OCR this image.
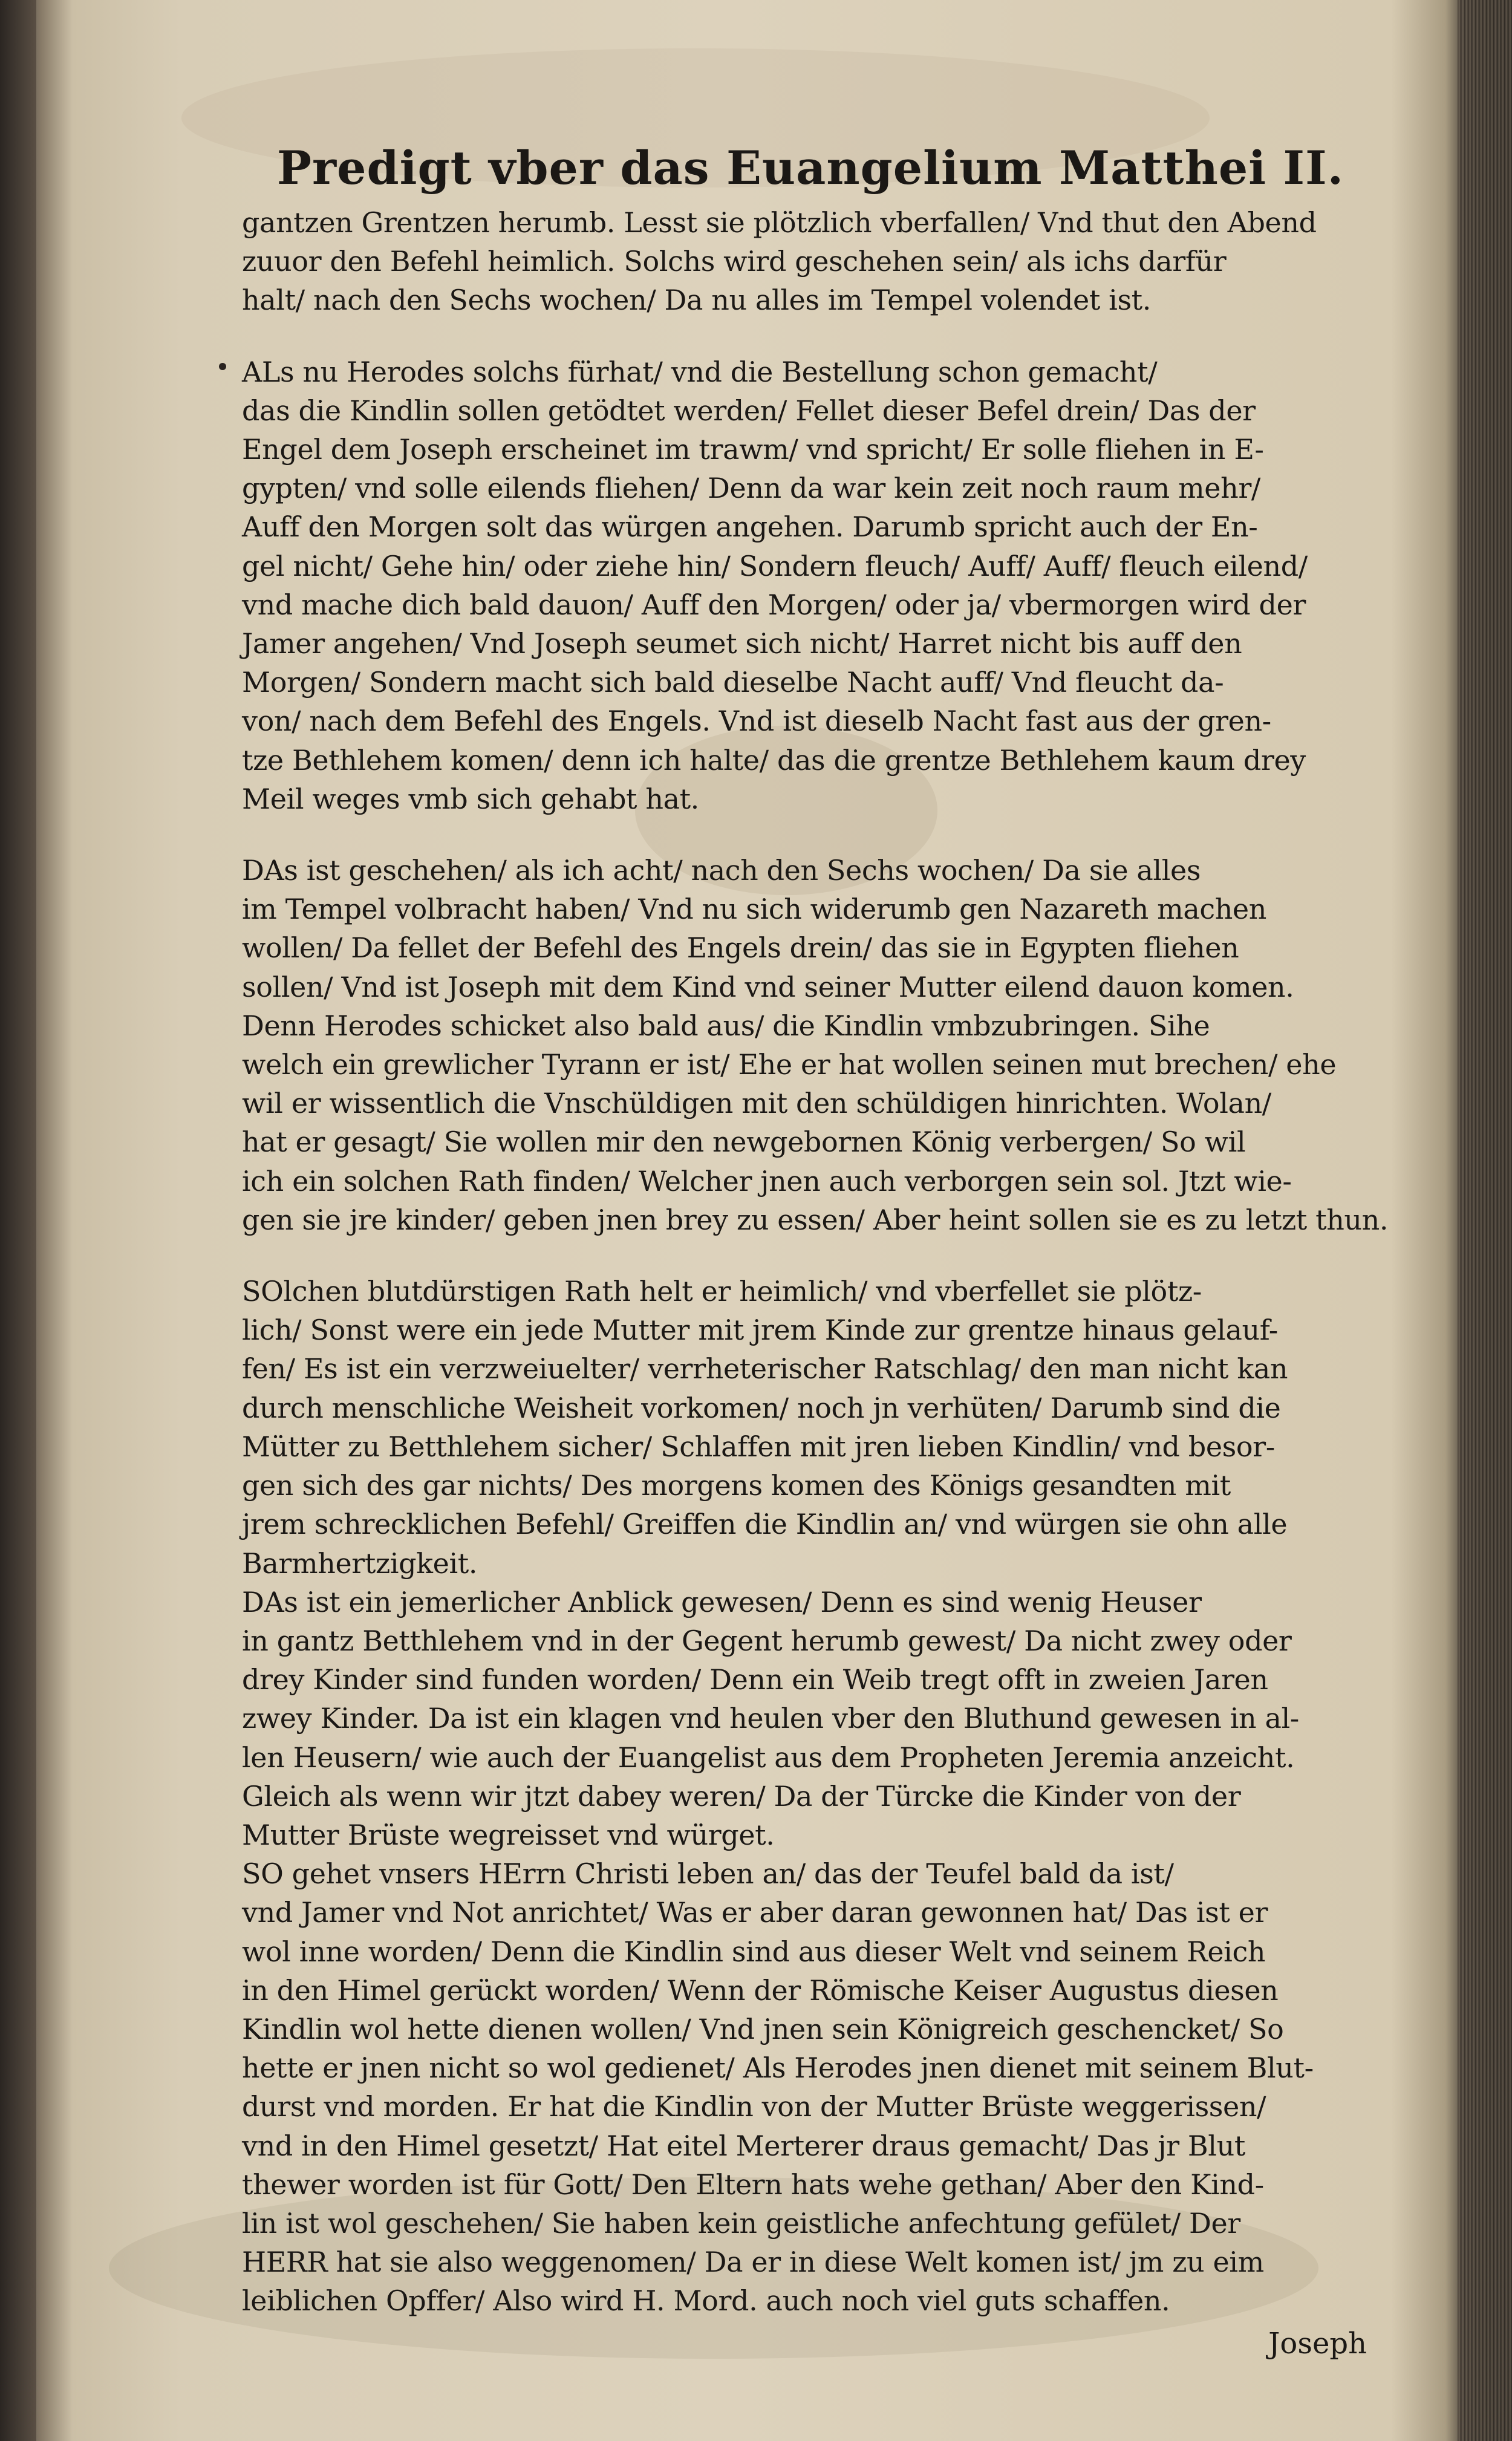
Predigt vber das Euangelium Matthei II.

gantzen Grentzen herumb. Lesst sie plötzlich vberfallen/ Vnd thut den Abend
zuuor den Befehl heimlich. Solchs wird geschehen sein/ als ichs darfür
halt/ nach den Sechs wochen/ Da nu alles im Tempel volendet ist.

ALs nu Herodes solchs fürhat/ vnd die Bestellung schon gemacht/
das die Kindlin sollen getödtet werden/ Fellet dieser Befel drein/ Das der
Engel dem Joseph erscheinet im trawm/ vnd spricht/ Er solle fliehen in E-
gypten/ vnd solle eilends fliehen/ Denn da war kein zeit noch raum mehr/
Auff den Morgen solt das würgen angehen. Darumb spricht auch der En-
gel nicht/ Gehe hin/ oder ziehe hin/ Sondern fleuch/ Auff/ Auff/ fleuch eilend/
vnd mache dich bald dauon/ Auff den Morgen/ oder ja/ vbermorgen wird der
Jamer angehen/ Vnd Joseph seumet sich nicht/ Harret nicht bis auff den
Morgen/ Sondern macht sich bald dieselbe Nacht auff/ Vnd fleucht da-
von/ nach dem Befehl des Engels. Vnd ist dieselb Nacht fast aus der gren-
tze Bethlehem komen/ denn ich halte/ das die grentze Bethlehem kaum drey
Meil weges vmb sich gehabt hat.

DAs ist geschehen/ als ich acht/ nach den Sechs wochen/ Da sie alles
im Tempel volbracht haben/ Vnd nu sich widerumb gen Nazareth machen
wollen/ Da fellet der Befehl des Engels drein/ das sie in Egypten fliehen
sollen/ Vnd ist Joseph mit dem Kind vnd seiner Mutter eilend dauon komen.
Denn Herodes schicket also bald aus/ die Kindlin vmbzubringen. Sihe
welch ein grewlicher Tyrann er ist/ Ehe er hat wollen seinen mut brechen/ ehe
wil er wissentlich die Vnschüldigen mit den schüldigen hinrichten. Wolan/
hat er gesagt/ Sie wollen mir den newgebornen König verbergen/ So wil
ich ein solchen Rath finden/ Welcher jnen auch verborgen sein sol. Jtzt wie-
gen sie jre kinder/ geben jnen brey zu essen/ Aber heint sollen sie es zu letzt thun.

SOlchen blutdürstigen Rath helt er heimlich/ vnd vberfellet sie plötz-
lich/ Sonst were ein jede Mutter mit jrem Kinde zur grentze hinaus gelauf-
fen/ Es ist ein verzweiuelter/ verrheterischer Ratschlag/ den man nicht kan
durch menschliche Weisheit vorkomen/ noch jn verhüten/ Darumb sind die
Mütter zu Betthlehem sicher/ Schlaffen mit jren lieben Kindlin/ vnd besor-
gen sich des gar nichts/ Des morgens komen des Königs gesandten mit
jrem schrecklichen Befehl/ Greiffen die Kindlin an/ vnd würgen sie ohn alle
Barmhertzigkeit.
DAs ist ein jemerlicher Anblick gewesen/ Denn es sind wenig Heuser
in gantz Betthlehem vnd in der Gegent herumb gewest/ Da nicht zwey oder
drey Kinder sind funden worden/ Denn ein Weib tregt offt in zweien Jaren
zwey Kinder. Da ist ein klagen vnd heulen vber den Bluthund gewesen in al-
len Heusern/ wie auch der Euangelist aus dem Propheten Jeremia anzeicht.
Gleich als wenn wir jtzt dabey weren/ Da der Türcke die Kinder von der
Mutter Brüste wegreisset vnd würget.
SO gehet vnsers HErrn Christi leben an/ das der Teufel bald da ist/
vnd Jamer vnd Not anrichtet/ Was er aber daran gewonnen hat/ Das ist er
wol inne worden/ Denn die Kindlin sind aus dieser Welt vnd seinem Reich
in den Himel gerückt worden/ Wenn der Römische Keiser Augustus diesen
Kindlin wol hette dienen wollen/ Vnd jnen sein Königreich geschencket/ So
hette er jnen nicht so wol gedienet/ Als Herodes jnen dienet mit seinem Blut-
durst vnd morden. Er hat die Kindlin von der Mutter Brüste weggerissen/
vnd in den Himel gesetzt/ Hat eitel Merterer draus gemacht/ Das jr Blut
thewer worden ist für Gott/ Den Eltern hats wehe gethan/ Aber den Kind-
lin ist wol geschehen/ Sie haben kein geistliche anfechtung gefület/ Der
HERR hat sie also weggenomen/ Da er in diese Welt komen ist/ jm zu eim
leiblichen Opffer/ Also wird H. Mord. auch noch viel guts schaffen.

Joseph
